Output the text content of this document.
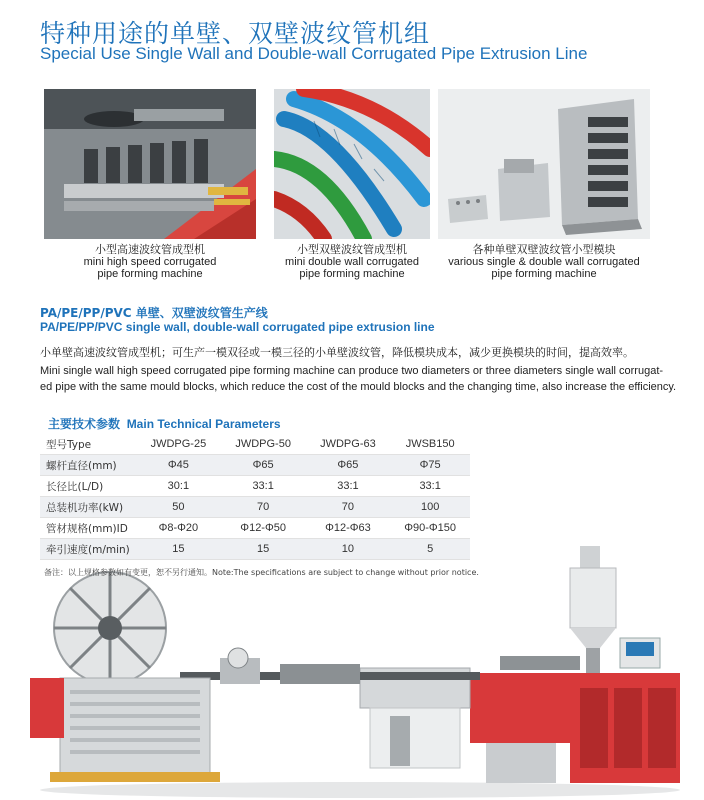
特种用途的单壁、双壁波纹管机组
Special Use Single Wall and Double-wall Corrugated Pipe Extrusion Line
小型高速波纹管成型机
mini high speed corrugated
pipe forming machine
小型双壁波纹管成型机
mini double wall corrugated
pipe forming machine
各种单壁双壁波纹管小型模块
various single & double wall corrugated
pipe forming machine
PA/PE/PP/PVC 单壁、双壁波纹管生产线
PA/PE/PP/PVC single wall, double-wall corrugated pipe extrusion line
小单壁高速波纹管成型机；可生产一模双径或一模三径的小单壁波纹管，降低模块成本，减少更换模块的时间，提高效率。
Mini single wall high speed corrugated pipe forming machine can produce two diameters or three diameters single wall corrugat-
ed pipe with the same mould blocks, which reduce the cost of the mould blocks and the changing time, also increase the efficiency.
主要技术参数 Main Technical Parameters
型号Type	JWDPG-25	JWDPG-50	JWDPG-63	JWSB150
螺杆直径(mm)	Φ45	Φ65	Φ65	Φ75
长径比(L/D)	30:1	33:1	33:1	33:1
总装机功率(kW)	50	70	70	100
管材规格(mm)ID	Φ8-Φ20	Φ12-Φ50	Φ12-Φ63	Φ90-Φ150
牵引速度(m/min)	15	15	10	5
备注：以上规格参数如有变更，恕不另行通知。Note:The specifications are subject to change without prior notice.
